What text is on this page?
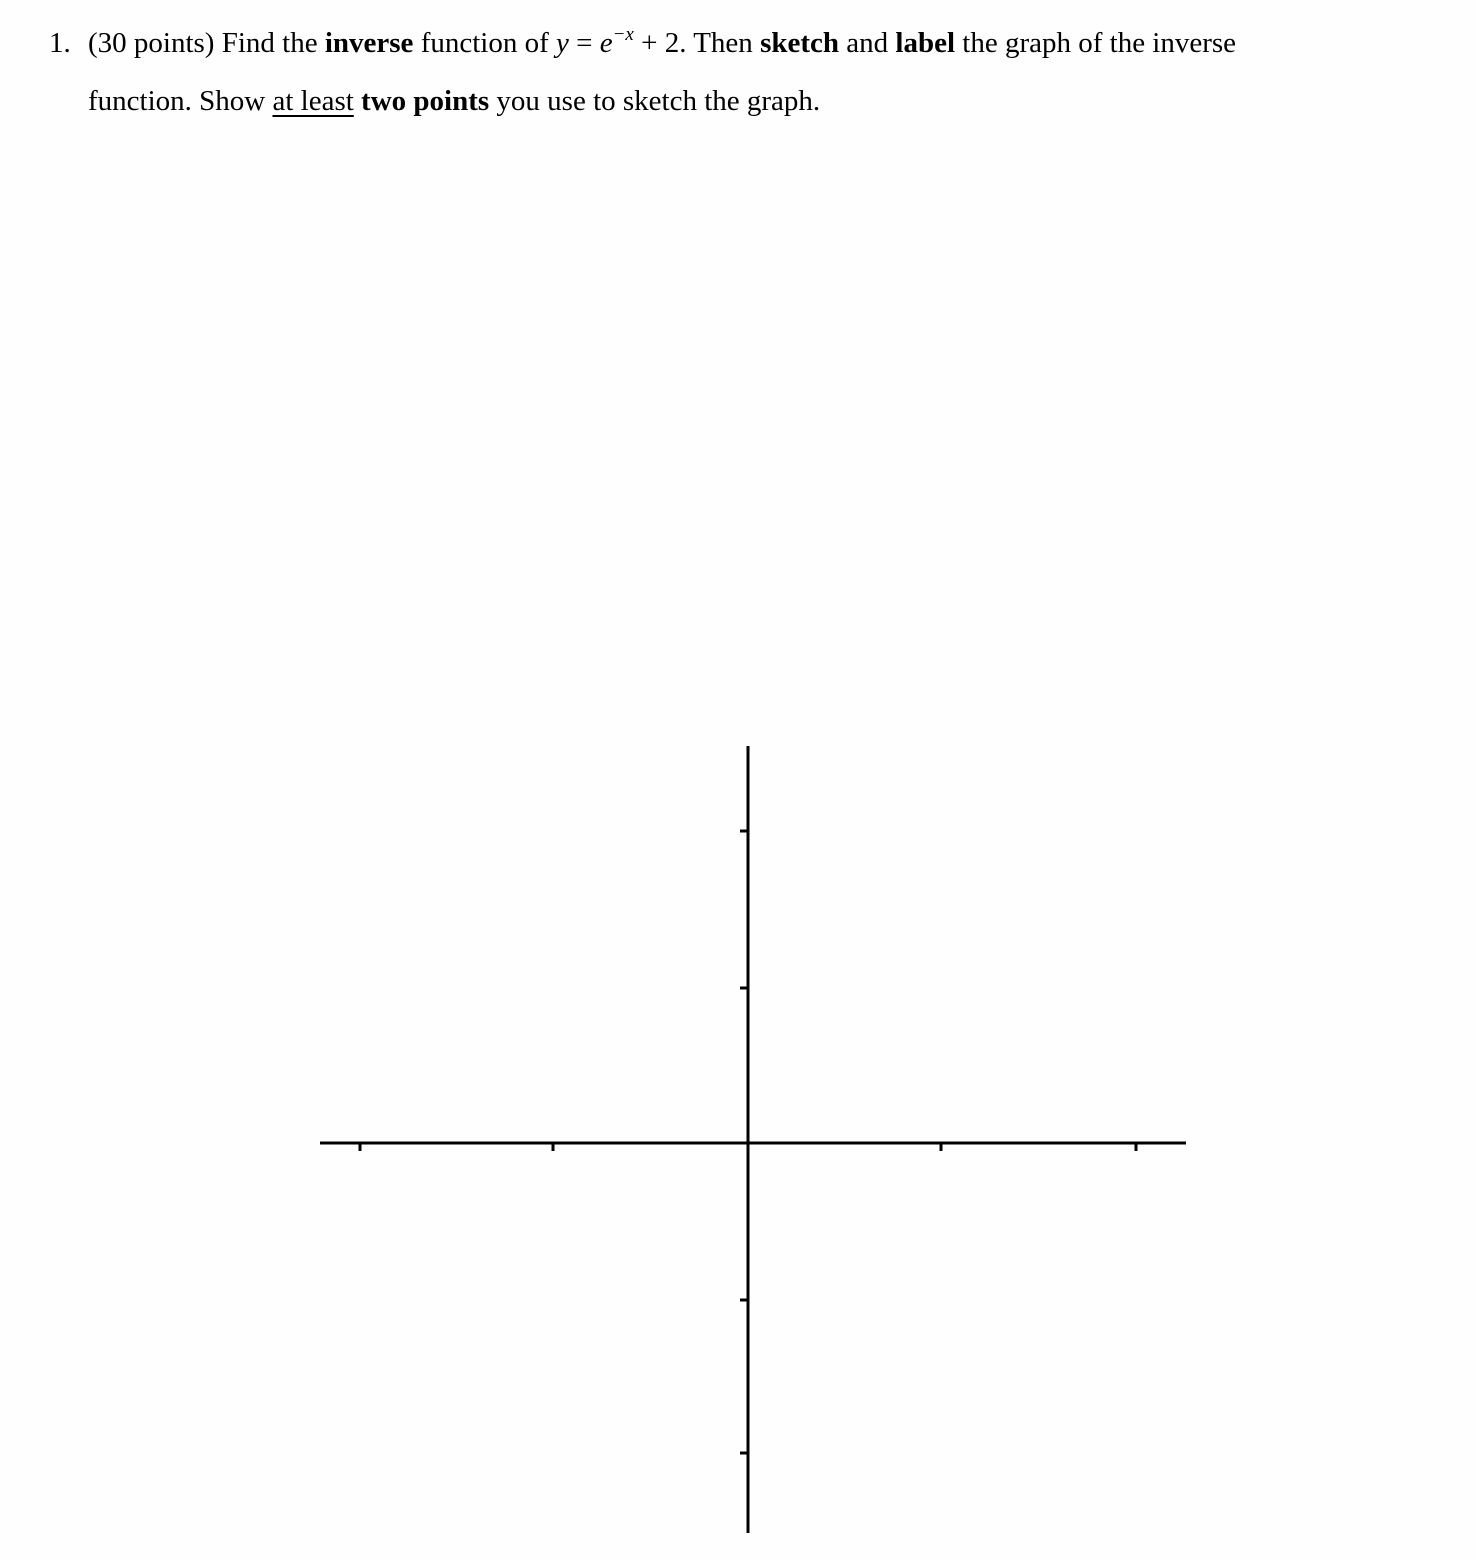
1. (30 points) Find the inverse function of $y = e^{-x} + 2$. Then sketch and label the graph of the inverse
function. Show at least two points you use to sketch the graph.
